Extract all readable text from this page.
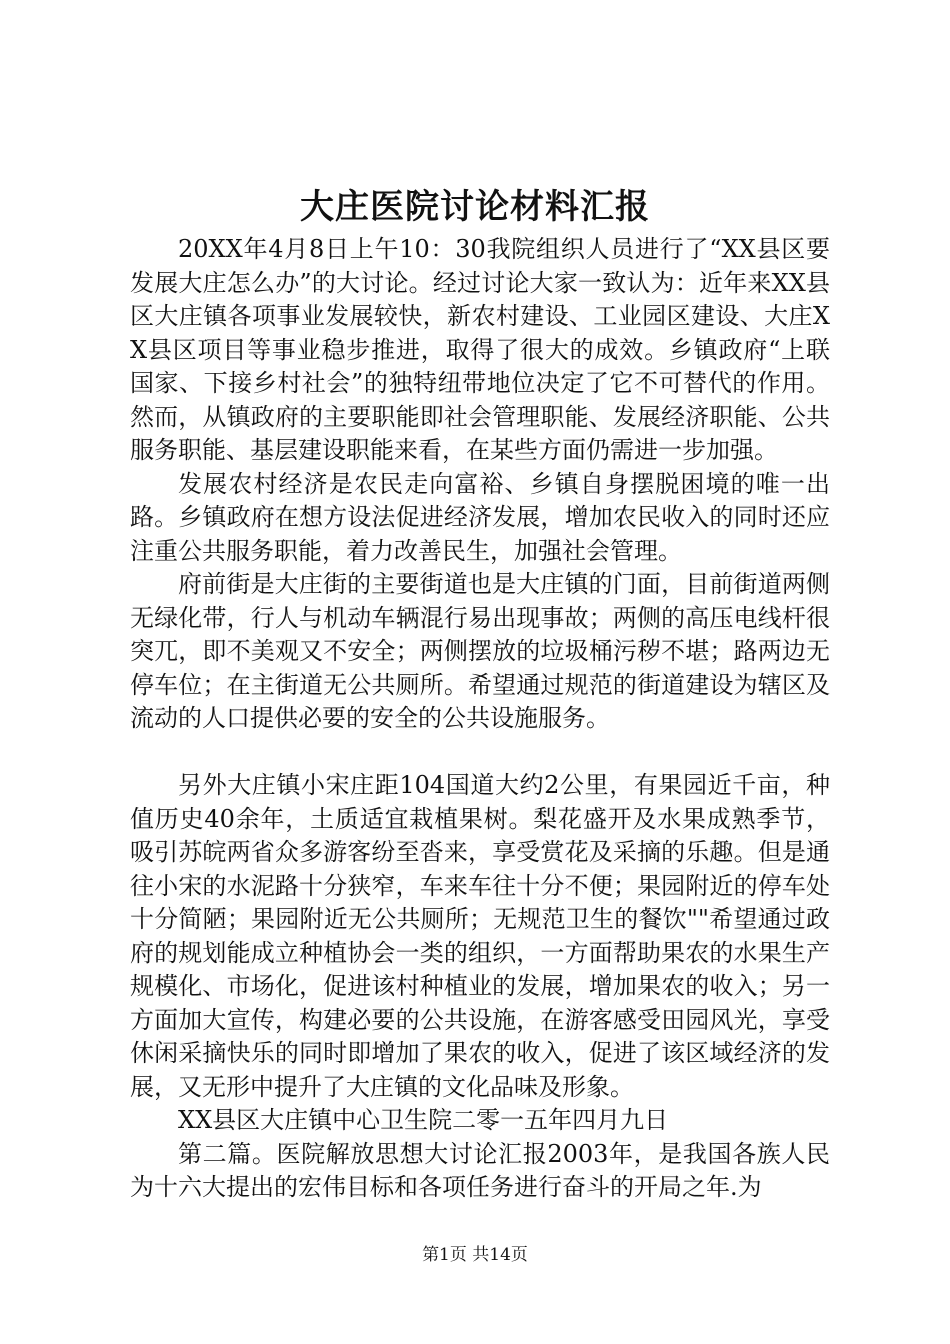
大庄医院讨论材料汇报

20XX年4月8日上午10：30我院组织人员进行了“XX县区要发展大庄怎么办”的大讨论。经过讨论大家一致认为：近年来XX县区大庄镇各项事业发展较快，新农村建设、工业园区建设、大庄XX县区项目等事业稳步推进，取得了很大的成效。乡镇政府“上联国家、下接乡村社会”的独特纽带地位决定了它不可替代的作用。然而，从镇政府的主要职能即社会管理职能、发展经济职能、公共服务职能、基层建设职能来看，在某些方面仍需进一步加强。

发展农村经济是农民走向富裕、乡镇自身摆脱困境的唯一出路。乡镇政府在想方设法促进经济发展，增加农民收入的同时还应注重公共服务职能，着力改善民生，加强社会管理。

府前街是大庄街的主要街道也是大庄镇的门面，目前街道两侧无绿化带，行人与机动车辆混行易出现事故；两侧的高压电线杆很突兀，即不美观又不安全；两侧摆放的垃圾桶污秽不堪；路两边无停车位；在主街道无公共厕所。希望通过规范的街道建设为辖区及流动的人口提供必要的安全的公共设施服务。

另外大庄镇小宋庄距104国道大约2公里，有果园近千亩，种值历史40余年，土质适宜栽植果树。梨花盛开及水果成熟季节，吸引苏皖两省众多游客纷至沓来，享受赏花及采摘的乐趣。但是通往小宋的水泥路十分狭窄，车来车往十分不便；果园附近的停车处十分简陋；果园附近无公共厕所；无规范卫生的餐饮""希望通过政府的规划能成立种植协会一类的组织，一方面帮助果农的水果生产规模化、市场化，促进该村种植业的发展，增加果农的收入；另一方面加大宣传，构建必要的公共设施，在游客感受田园风光，享受休闲采摘快乐的同时即增加了果农的收入，促进了该区域经济的发展，又无形中提升了大庄镇的文化品味及形象。

XX县区大庄镇中心卫生院二零一五年四月九日

第二篇。医院解放思想大讨论汇报2003年，是我国各族人民为十六大提出的宏伟目标和各项任务进行奋斗的开局之年.为

第1页 共14页
